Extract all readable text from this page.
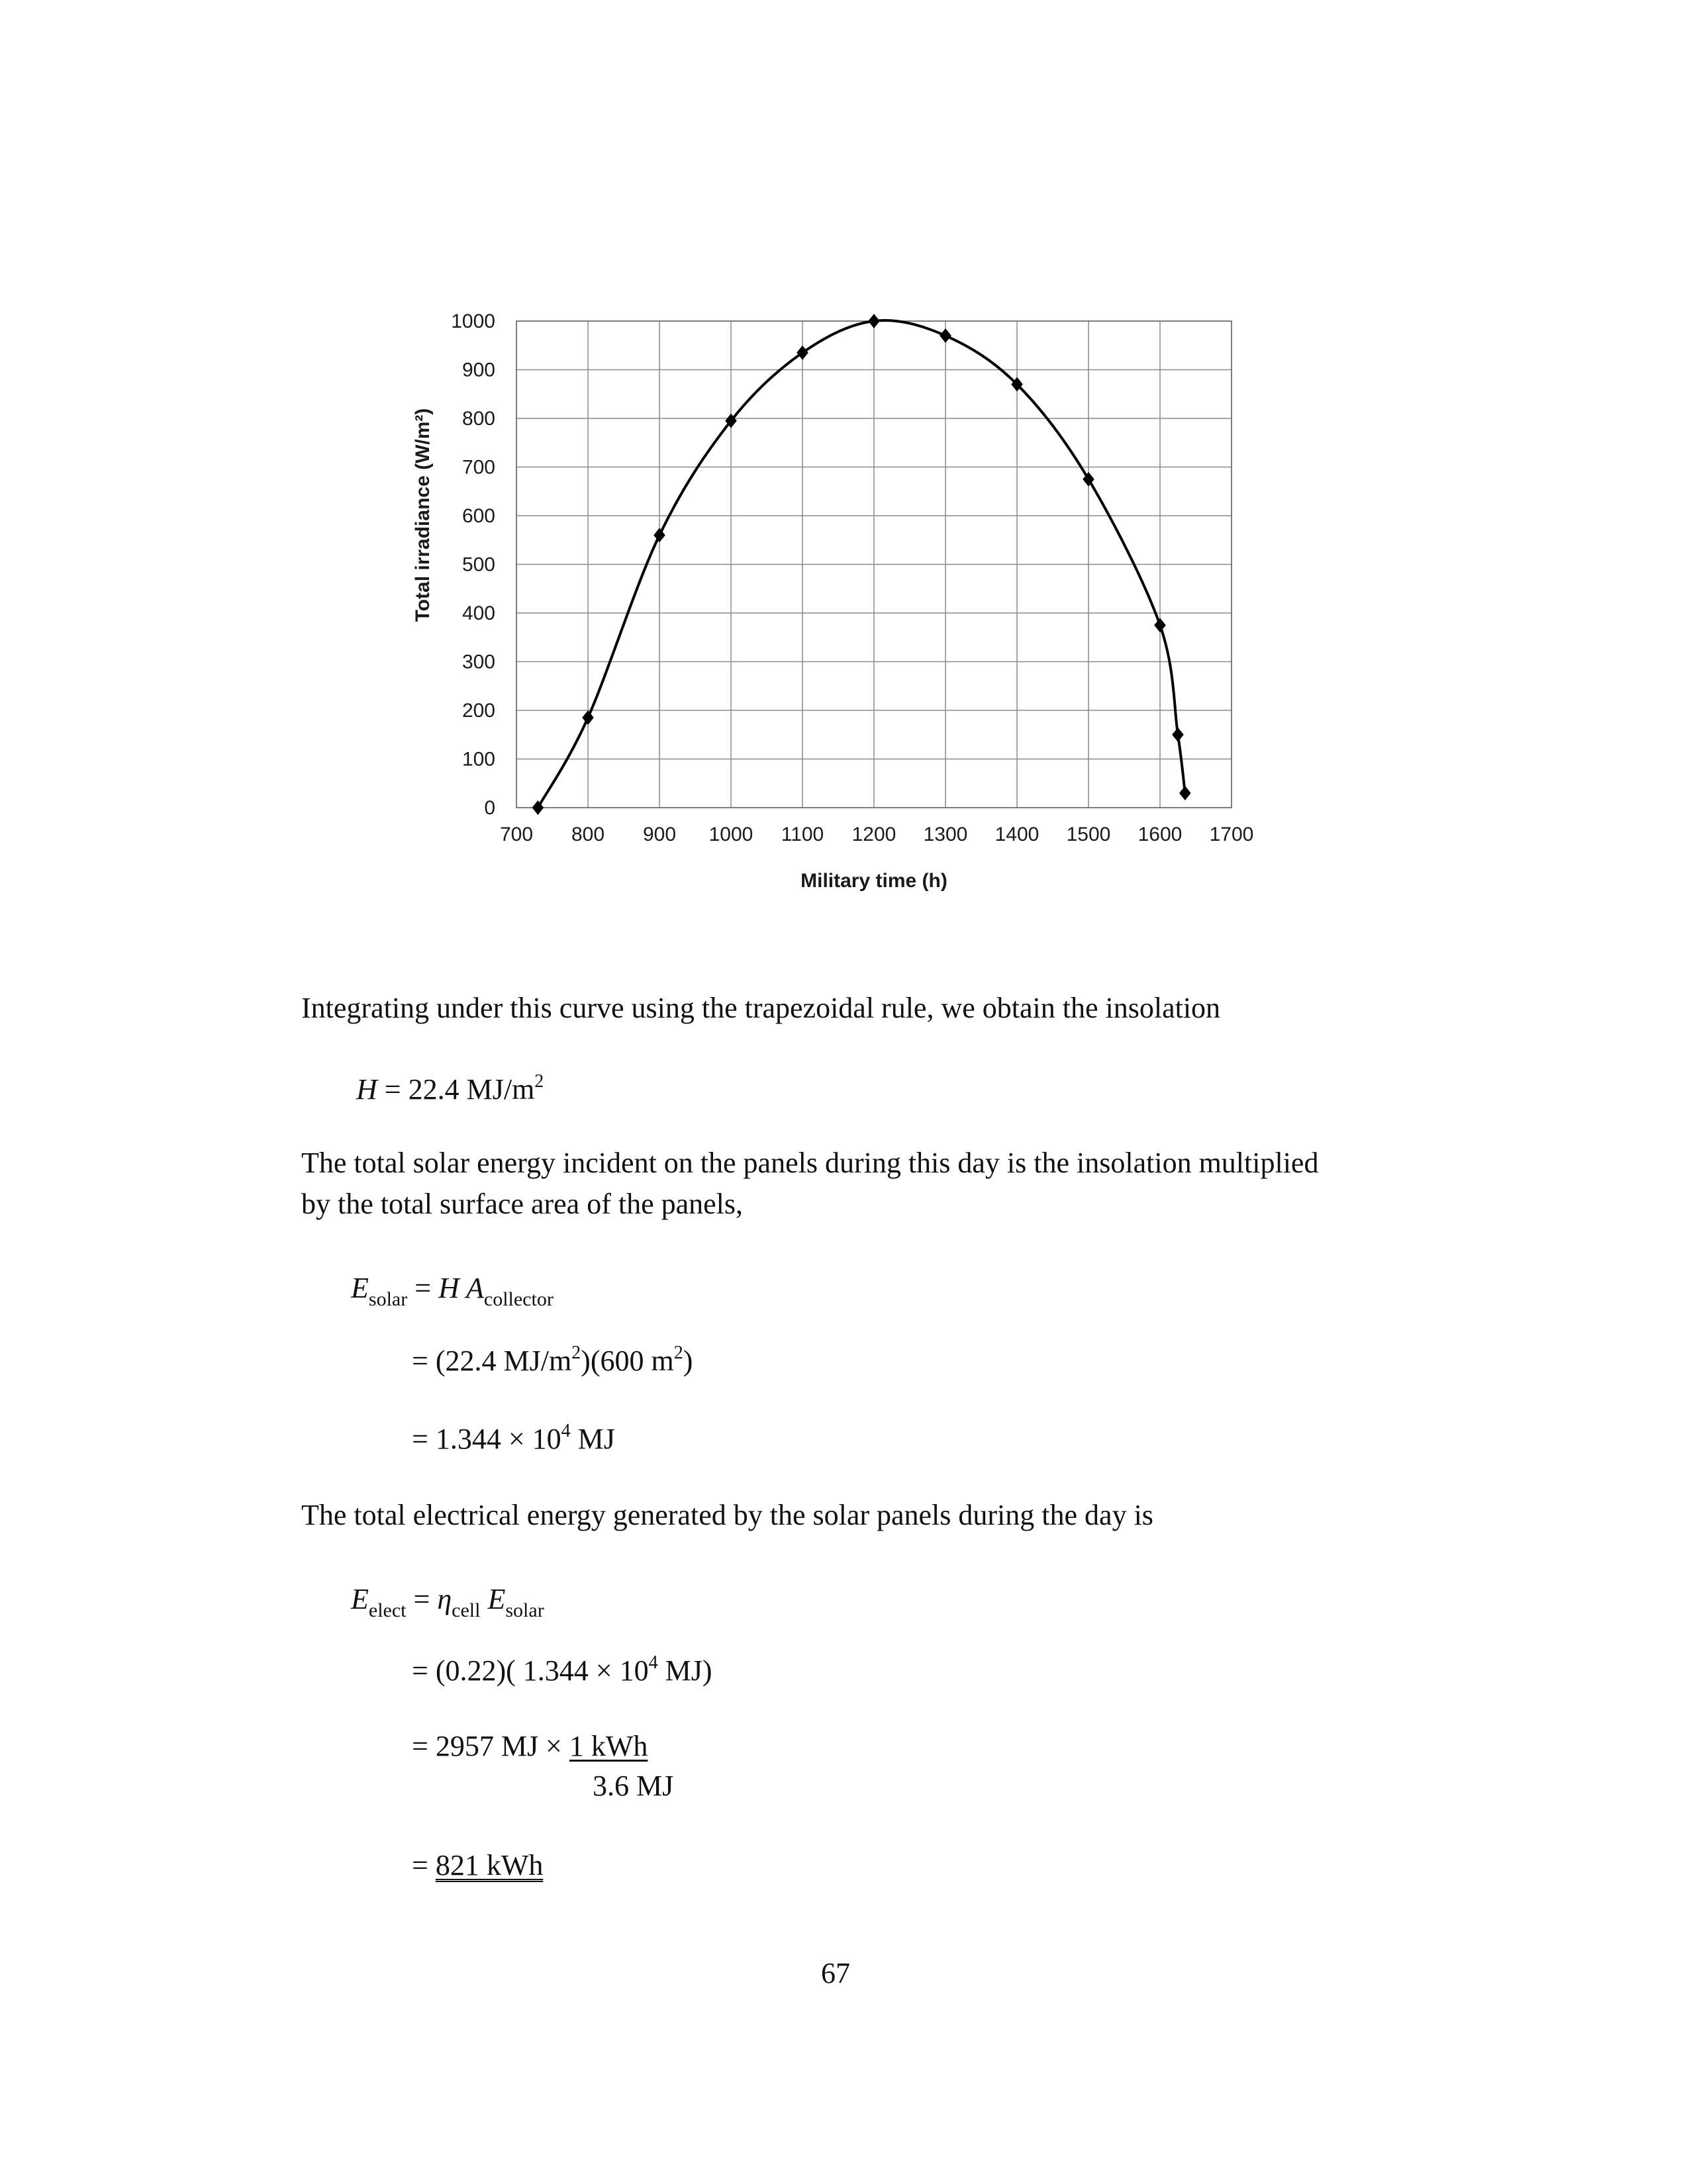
0
100
200
300
400
500
600
700
800
900
1000
700 800 900 1000 1100 1200 1300 1400 1500 1600 1700
Total irradiance (W/m²)
Military time (h)
Integrating under this curve using the trapezoidal rule, we obtain the insolation
H = 22.4 $MJ/m^2$
The total solar energy incident on the panels during this day is the insolation multiplied
by the total surface area of the panels,
$E_{solar} = H$ $A_{collector}$
= (22.4 $MJ/m^2)(600$ $m^2$)
= $1.344 \times 10^4$ MJ
The total electrical energy generated by the solar panels during the day is
$E_{elect} = \eta_{cell}$ $E_{solar}$
= (0.22)( $1.344 \times 10^4$ MJ)
= 2957 MJ × 1 kWh
3.6 MJ
= 821 kWh
67
